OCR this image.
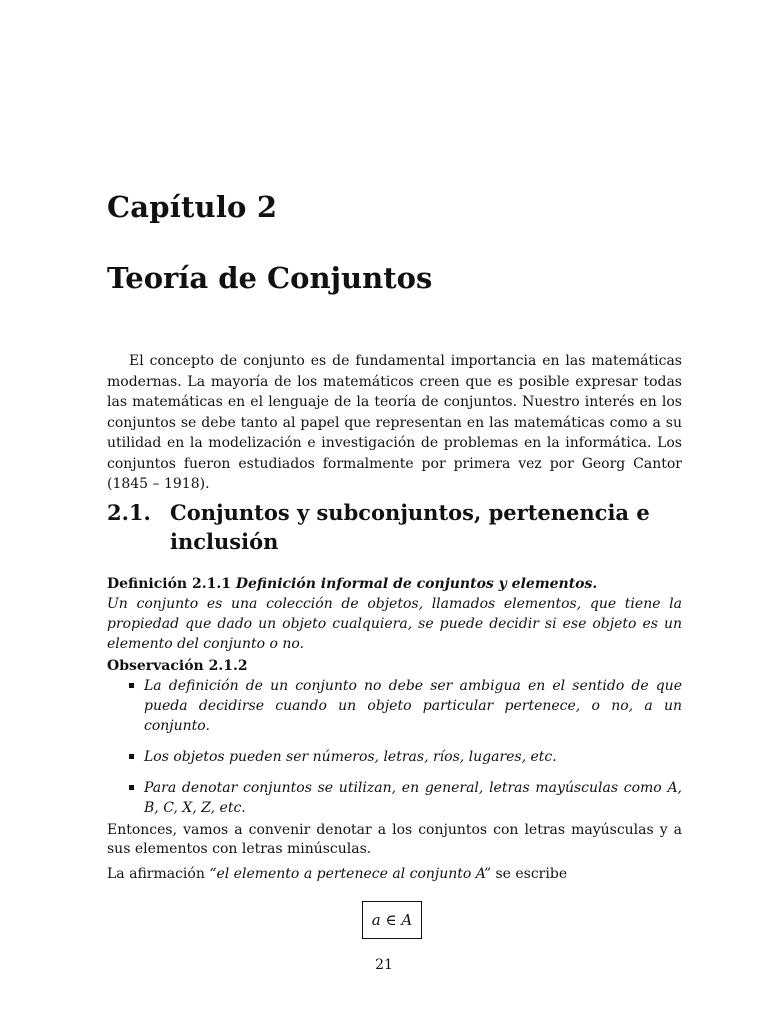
Capítulo 2
Teoría de Conjuntos

El concepto de conjunto es de fundamental importancia en las matemáticas modernas. La mayoría de los matemáticos creen que es posible expresar todas las matemáticas en el lenguaje de la teoría de conjuntos. Nuestro interés en los conjuntos se debe tanto al papel que representan en las matemáticas como a su utilidad en la modelización e investigación de problemas en la informática. Los conjuntos fueron estudiados formalmente por primera vez por Georg Cantor (1845 – 1918).

2.1. Conjuntos y subconjuntos, pertenencia e inclusión
Definición 2.1.1 Definición informal de conjuntos y elementos.
Un conjunto es una colección de objetos, llamados elementos, que tiene la propiedad que dado un objeto cualquiera, se puede decidir si ese objeto es un elemento del conjunto o no.
Observación 2.1.2
La definición de un conjunto no debe ser ambigua en el sentido de que pueda decidirse cuando un objeto particular pertenece, o no, a un conjunto.
Los objetos pueden ser números, letras, ríos, lugares, etc.
Para denotar conjuntos se utilizan, en general, letras mayúsculas como A, B, C, X, Z, etc.

Entonces, vamos a convenir denotar a los conjuntos con letras mayúsculas y a sus elementos con letras minúsculas.

La afirmación “el elemento a pertenece al conjunto A” se escribe

a ∈ A

21
